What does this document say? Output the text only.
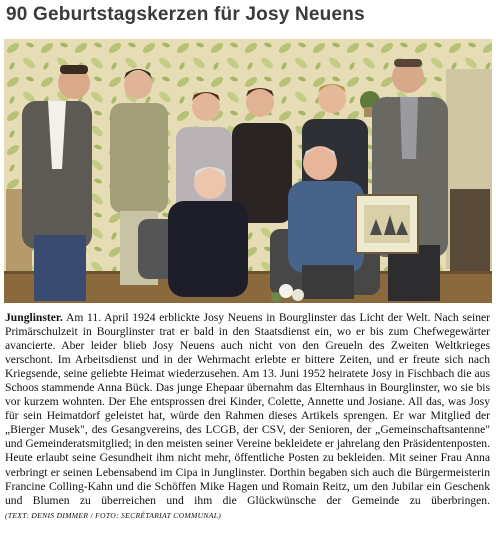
90 Geburtstagskerzen für Josy Neuens
Junglinster. Am 11. April 1924 erblickte Josy Neuens in Bourglinster das Licht der Welt. Nach seiner Primärschulzeit in Bourglinster trat er bald in den Staatsdienst ein, wo er bis zum Chefwegewärter avancierte. Aber leider blieb Josy Neuens auch nicht von den Greueln des Zweiten Weltkrieges verschont. Im Arbeitsdienst und in der Wehrmacht erlebte er bittere Zeiten, und er freute sich nach Kriegsende, seine geliebte Heimat wiederzusehen. Am 13. Juni 1952 heiratete Josy in Fischbach die aus Schoos stammende Anna Bück. Das junge Ehepaar übernahm das Elternhaus in Bourglinster, wo sie bis vor kurzem wohnten. Der Ehe entsprossen drei Kinder, Colette, Annette und Josiane. All das, was Josy für sein Heimatdorf geleistet hat, würde den Rahmen dieses Artikels sprengen. Er war Mitglied der „Bierger Musek", des Gesangvereins, des LCGB, der CSV, der Senioren, der „Gemeinschaftsantenne" und Gemeinderatsmitglied; in den meisten seiner Vereine bekleidete er jahrelang den Präsidentenposten. Heute erlaubt seine Gesundheit ihm nicht mehr, öffentliche Posten zu bekleiden. Mit seiner Frau Anna verbringt er seinen Lebensabend im Cipa in Junglinster. Dorthin begaben sich auch die Bürgermeisterin Francine Colling-Kahn und die Schöffen Mike Hagen und Romain Reitz, um den Jubilar ein Geschenk und Blumen zu überreichen und ihm die Glückwünsche der Gemeinde zu überbringen. (TEXT: DENIS DIMMER / FOTO: SECRÉTARIAT COMMUNAL)
